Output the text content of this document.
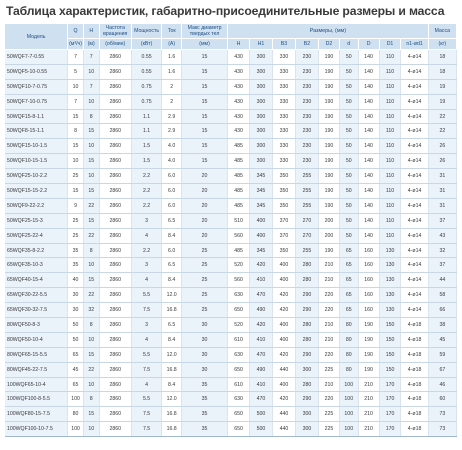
Таблица характеристик, габаритно-присоединительные размеры и масса
Модель	Q	Н	Частота вращения	Мощность	Ток	Макс диаметр твердых тел	Размеры, (мм)									Масса
							H	H1	B3	B2	D2	d	D	D1	n1-ød1	
	(м³/ч)	(м)	(об/мин)	(кВт)	(А)	(мм)										(кг)
50WQF7-7-0.55	7	7	2860	0.55	1.6	15	430	300	330	230	190	50	140	110	4-ø14	18
50WQF5-10-0.55	5	10	2860	0.55	1.6	15	430	300	330	230	190	50	140	110	4-ø14	18
50WQF10-7-0.75	10	7	2860	0.75	2	15	430	300	330	230	190	50	140	110	4-ø14	19
50WQF7-10-0.75	7	10	2860	0.75	2	15	430	300	330	230	190	50	140	110	4-ø14	19
50WQF15-8-1.1	15	8	2860	1.1	2.9	15	430	300	330	230	190	50	140	110	4-ø14	22
50WQF8-15-1.1	8	15	2860	1.1	2.9	15	430	300	330	230	190	50	140	110	4-ø14	22
50WQF15-10-1.5	15	10	2860	1.5	4.0	15	485	300	330	230	190	50	140	110	4-ø14	26
50WQF10-15-1.5	10	15	2860	1.5	4.0	15	485	300	330	230	190	50	140	110	4-ø14	26
50WQF25-10-2.2	25	10	2860	2.2	6.0	20	485	345	350	255	190	50	140	110	4-ø14	31
50WQF15-15-2.2	15	15	2860	2.2	6.0	20	485	345	350	255	190	50	140	110	4-ø14	31
50WQF9-22-2.2	9	22	2860	2.2	6.0	20	485	345	350	255	190	50	140	110	4-ø14	31
50WQF25-15-3	25	15	2860	3	6.5	20	510	400	370	270	200	50	140	110	4-ø14	37
50WQF25-22-4	25	22	2860	4	8.4	20	560	400	370	270	200	50	140	110	4-ø14	43
65WQF35-8-2.2	35	8	2860	2.2	6.0	25	485	345	350	255	190	65	160	130	4-ø14	32
65WQF35-10-3	35	10	2860	3	6.5	25	520	420	400	280	210	65	160	130	4-ø14	37
65WQF40-15-4	40	15	2860	4	8.4	25	560	410	400	280	210	65	160	130	4-ø14	44
65WQF30-22-5.5	30	22	2860	5.5	12.0	25	630	470	420	290	220	65	160	130	4-ø14	58
65WQF30-32-7.5	30	32	2860	7.5	16.8	25	650	490	420	290	220	65	160	130	4-ø14	66
80WQF50-8-3	50	8	2860	3	6.5	30	520	420	400	280	210	80	190	150	4-ø18	38
80WQF50-10-4	50	10	2860	4	8.4	30	610	410	400	280	210	80	190	150	4-ø18	45
80WQF65-15-5.5	65	15	2860	5.5	12.0	30	630	470	420	290	220	80	190	150	4-ø18	59
80WQF45-22-7.5	45	22	2860	7.5	16.8	30	650	490	440	300	225	80	190	150	4-ø18	67
100WQF65-10-4	65	10	2860	4	8.4	35	610	410	400	280	210	100	210	170	4-ø18	46
100WQF100-8-5.5	100	8	2860	5.5	12.0	35	630	470	420	290	220	100	210	170	4-ø18	60
100WQF80-15-7.5	80	15	2860	7.5	16.8	35	650	500	440	300	225	100	210	170	4-ø18	73
100WQF100-10-7.5	100	10	2860	7.5	16.8	35	650	500	440	300	225	100	210	170	4-ø18	73
